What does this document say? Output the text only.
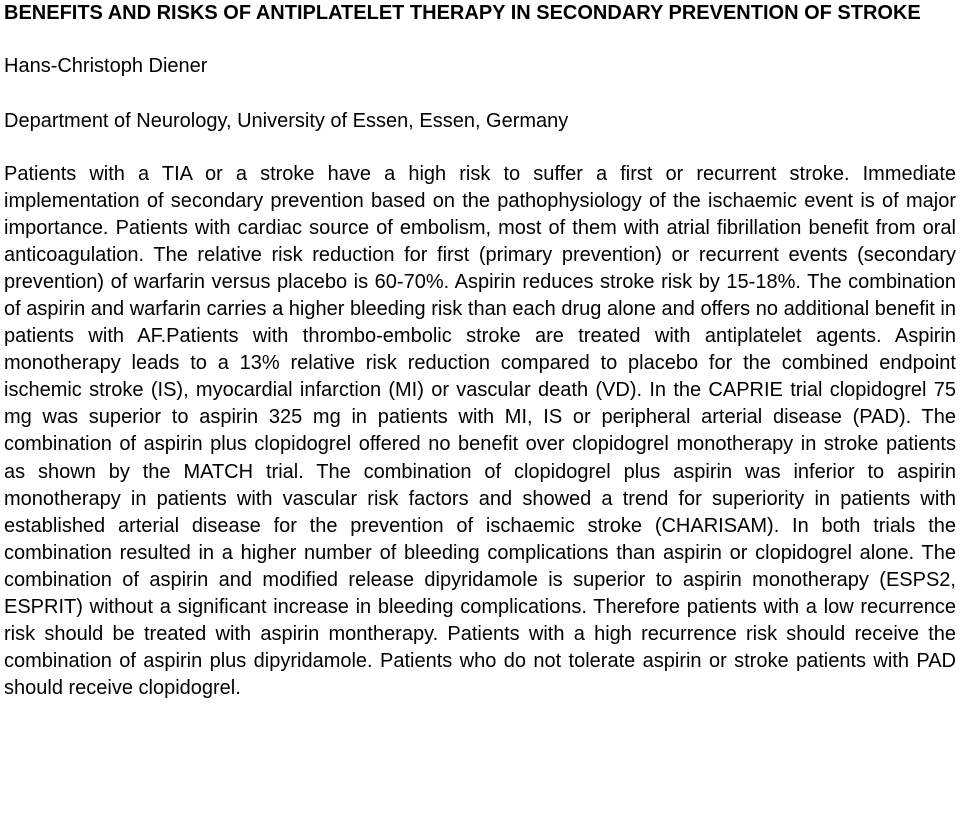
BENEFITS AND RISKS OF ANTIPLATELET THERAPY IN SECONDARY PREVENTION OF STROKE

Hans-Christoph Diener

Department of Neurology, University of Essen, Essen, Germany

Patients with a TIA or a stroke have a high risk to suffer a first or recurrent stroke. Immediate implementation of secondary prevention based on the pathophysiology of the ischaemic event is of major importance. Patients with cardiac source of embolism, most of them with atrial fibrillation benefit from oral anticoagulation. The relative risk reduction for first (primary prevention) or recurrent events (secondary prevention) of warfarin versus placebo is 60-70%. Aspirin reduces stroke risk by 15-18%. The combination of aspirin and warfarin carries a higher bleeding risk than each drug alone and offers no additional benefit in patients with AF.Patients with thrombo-embolic stroke are treated with antiplatelet agents. Aspirin monotherapy leads to a 13% relative risk reduction compared to placebo for the combined endpoint ischemic stroke (IS), myocardial infarction (MI) or vascular death (VD). In the CAPRIE trial clopidogrel 75 mg was superior to aspirin 325 mg in patients with MI, IS or peripheral arterial disease (PAD). The combination of aspirin plus clopidogrel offered no benefit over clopidogrel monotherapy in stroke patients as shown by the MATCH trial. The combination of clopidogrel plus aspirin was inferior to aspirin monotherapy in patients with vascular risk factors and showed a trend for superiority in patients with established arterial disease for the prevention of ischaemic stroke (CHARISAM). In both trials the combination resulted in a higher number of bleeding complications than aspirin or clopidogrel alone. The combination of aspirin and modified release dipyridamole is superior to aspirin monotherapy (ESPS2, ESPRIT) without a significant increase in bleeding complications. Therefore patients with a low recurrence risk should be treated with aspirin montherapy. Patients with a high recurrence risk should receive the combination of aspirin plus dipyridamole. Patients who do not tolerate aspirin or stroke patients with PAD should receive clopidogrel.
